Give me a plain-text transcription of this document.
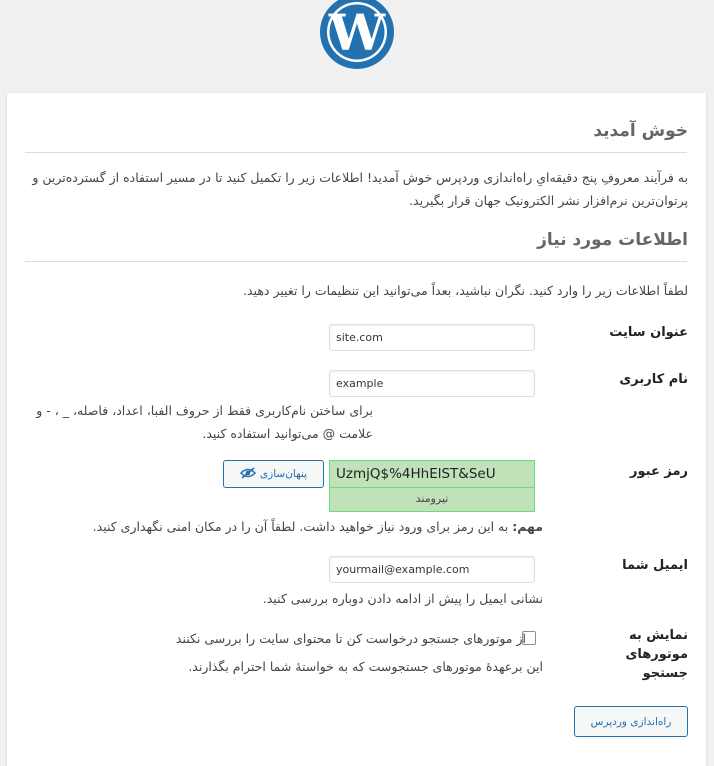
W
خوش آمدید

به فرآیند معروفِ پنج دقیقه‌ایِ راه‌اندازی وردپرس خوش آمدید! اطلاعات زیر را تکمیل کنید تا در مسیر استفاده از گسترده‌ترین و پرتوان‌ترین نرم‌افزار نشر الکترونیک جهان قرار بگیرید.

اطلاعات مورد نیاز

لطفاً اطلاعات زیر را وارد کنید. نگران نباشید، بعداً می‌توانید این تنظیمات را تغییر دهید.

عنوان سایت
site.com
نام کاربری
example

برای ساختن نام‌کاربری فقط از حروف الفبا، اعداد، فاصله، _ ، - و علامت @ می‌توانید استفاده کنید.

رمز عبور
UzmjQ$%4HhElST&SeU
نیرومند
پنهان‌سازی

مهم: به این رمز برای ورود نیاز خواهید داشت. لطفاً آن را در مکان امنی نگهداری کنید.

ایمیل شما
yourmail@example.com

نشانی ایمیل را پیش از ادامه دادن دوباره بررسی کنید.

نمایش به موتورهای جستجو

از موتورهای جستجو درخواست کن تا محتوای سایت را بررسی نکنند

این برعهدهٔ موتورهای جستجوست که به خواستهٔ شما احترام بگذارند.

راه‌اندازی وردپرس
